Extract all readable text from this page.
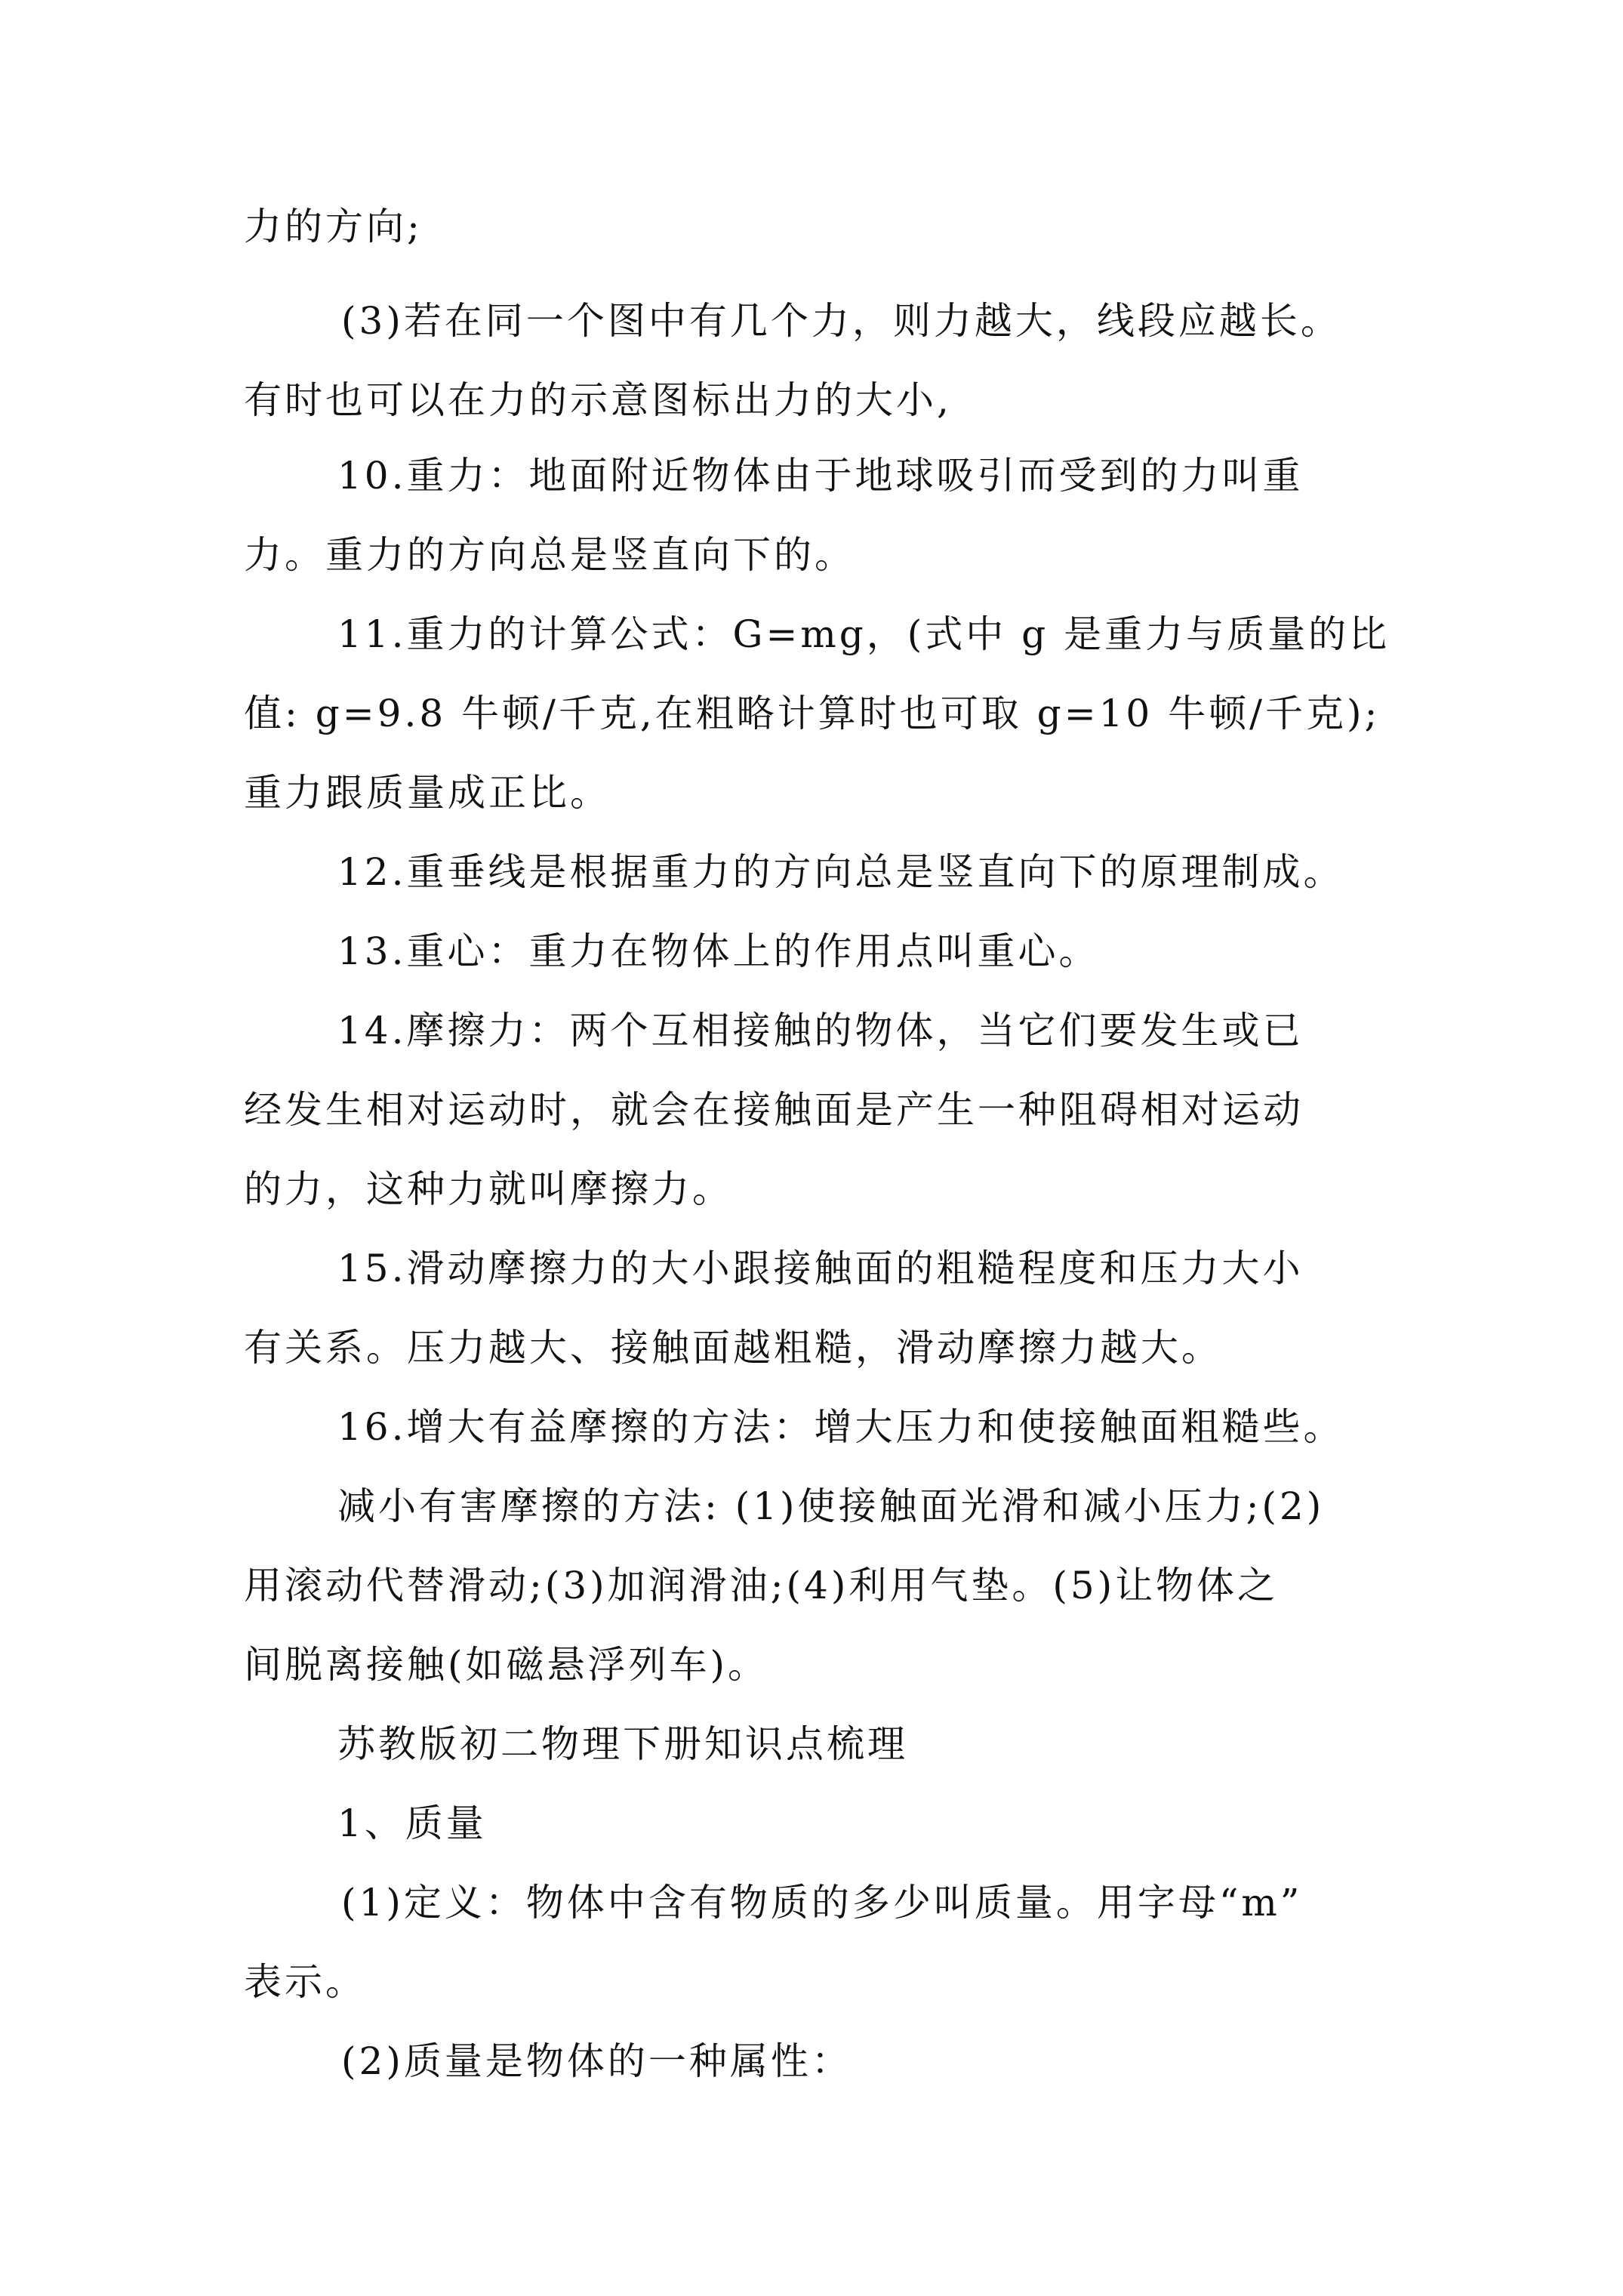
力的方向;
(3)若在同一个图中有几个力，则力越大，线段应越长。
有时也可以在力的示意图标出力的大小,
10.重力：地面附近物体由于地球吸引而受到的力叫重
力。重力的方向总是竖直向下的。
11.重力的计算公式：G=mg，(式中 g 是重力与质量的比
值: g=9.8 牛顿/千克,在粗略计算时也可取 g=10 牛顿/千克);
重力跟质量成正比。
12.重垂线是根据重力的方向总是竖直向下的原理制成。
13.重心：重力在物体上的作用点叫重心。
14.摩擦力：两个互相接触的物体，当它们要发生或已
经发生相对运动时，就会在接触面是产生一种阻碍相对运动
的力，这种力就叫摩擦力。
15.滑动摩擦力的大小跟接触面的粗糙程度和压力大小
有关系。压力越大、接触面越粗糙，滑动摩擦力越大。
16.增大有益摩擦的方法：增大压力和使接触面粗糙些。
减小有害摩擦的方法: (1)使接触面光滑和减小压力;(2)
用滚动代替滑动;(3)加润滑油;(4)利用气垫。(5)让物体之
间脱离接触(如磁悬浮列车)。
苏教版初二物理下册知识点梳理
1、质量
(1)定义：物体中含有物质的多少叫质量。用字母“m”
表示。
(2)质量是物体的一种属性：
